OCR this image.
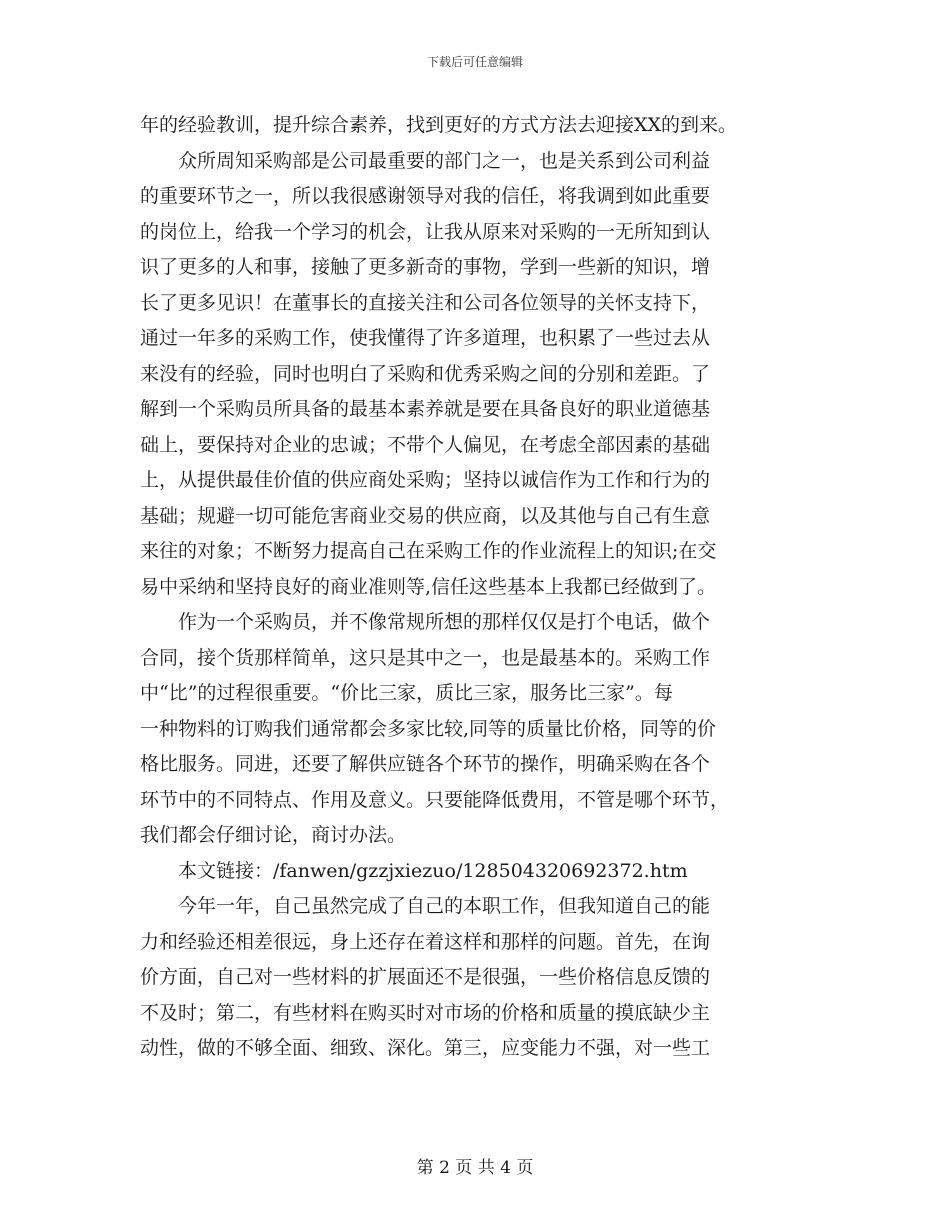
下载后可任意编辑
年的经验教训，提升综合素养，找到更好的方式方法去迎接XX的到来。
　　众所周知采购部是公司最重要的部门之一，也是关系到公司利益
的重要环节之一，所以我很感谢领导对我的信任，将我调到如此重要
的岗位上，给我一个学习的机会，让我从原来对采购的一无所知到认
识了更多的人和事，接触了更多新奇的事物，学到一些新的知识，增
长了更多见识！在董事长的直接关注和公司各位领导的关怀支持下，
通过一年多的采购工作，使我懂得了许多道理，也积累了一些过去从
来没有的经验，同时也明白了采购和优秀采购之间的分别和差距。了
解到一个采购员所具备的最基本素养就是要在具备良好的职业道德基
础上，要保持对企业的忠诚；不带个人偏见，在考虑全部因素的基础
上，从提供最佳价值的供应商处采购；坚持以诚信作为工作和行为的
基础；规避一切可能危害商业交易的供应商，以及其他与自己有生意
来往的对象；不断努力提高自己在采购工作的作业流程上的知识;在交
易中采纳和坚持良好的商业准则等,信任这些基本上我都已经做到了。
　　作为一个采购员，并不像常规所想的那样仅仅是打个电话，做个
合同，接个货那样简单，这只是其中之一，也是最基本的。采购工作
中“比”的过程很重要。“价比三家，质比三家，服务比三家”。每
一种物料的订购我们通常都会多家比较,同等的质量比价格，同等的价
格比服务。同进，还要了解供应链各个环节的操作，明确采购在各个
环节中的不同特点、作用及意义。只要能降低费用，不管是哪个环节，
我们都会仔细讨论，商讨办法。
　　本文链接：/fanwen/gzzjxiezuo/128504320692372.htm
　　今年一年，自己虽然完成了自己的本职工作，但我知道自己的能
力和经验还相差很远，身上还存在着这样和那样的问题。首先，在询
价方面，自己对一些材料的扩展面还不是很强，一些价格信息反馈的
不及时；第二，有些材料在购买时对市场的价格和质量的摸底缺少主
动性，做的不够全面、细致、深化。第三，应变能力不强，对一些工
第 2 页 共 4 页
